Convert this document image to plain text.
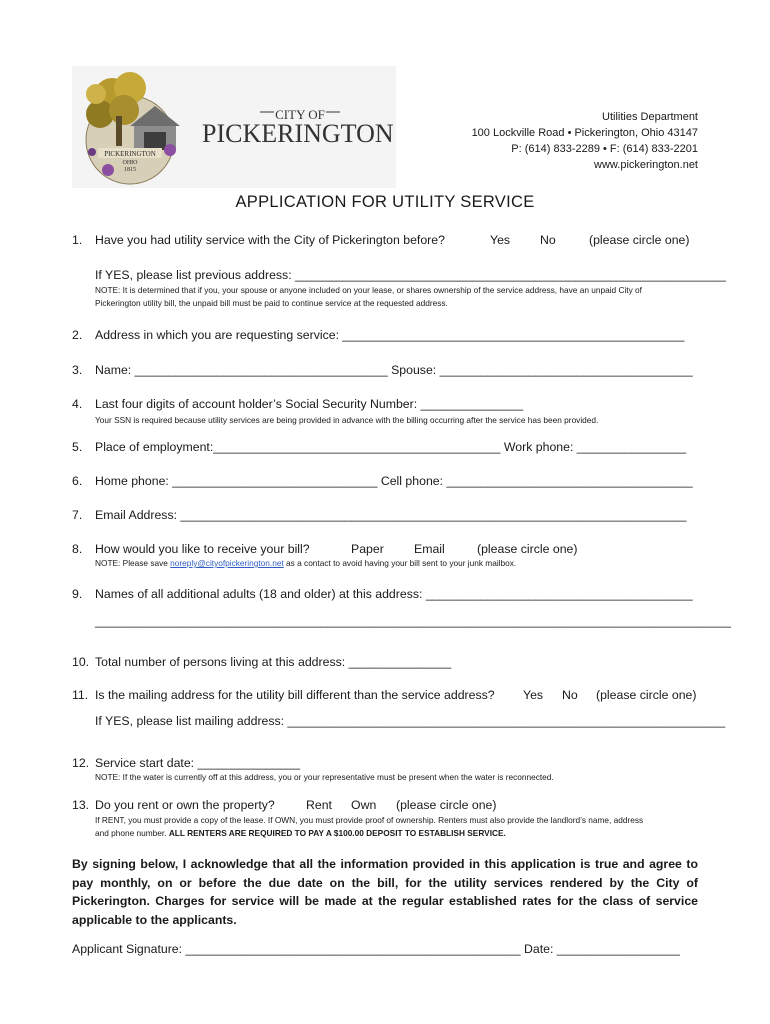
PICKERINGTON
OHIO
1815
CITY OF
PICKERINGTON
Utilities Department
100 Lockville Road • Pickerington, Ohio 43147
P: (614) 833-2289 • F: (614) 833-2201
www.pickerington.net
APPLICATION FOR UTILITY SERVICE
1. Have you had utility service with the City of Pickerington before?	Yes No	(please circle one)
If YES, please list previous address: _______________________________________________________________
NOTE: It is determined that if you, your spouse or anyone included on your lease, or shares ownership of the service address, have an unpaid City of
Pickerington utility bill, the unpaid bill must be paid to continue service at the requested address.
2. Address in which you are requesting service: __________________________________________________
3. Name: _____________________________________ Spouse: _____________________________________
4. Last four digits of account holder’s Social Security Number: _______________
Your SSN is required because utility services are being provided in advance with the billing occurring after the service has been provided.
5. Place of employment:__________________________________________ Work phone: ________________
6. Home phone: ______________________________ Cell phone: ____________________________________
7. Email Address: __________________________________________________________________________
8. How would you like to receive your bill?	Paper Email	(please circle one)
NOTE: Please save noreply@cityofpickerington.net as a contact to avoid having your bill sent to your junk mailbox.
9. Names of all additional adults (18 and older) at this address: _______________________________________
_____________________________________________________________________________________________
10. Total number of persons living at this address: _______________
11. Is the mailing address for the utility bill different than the service address? Yes No (please circle one)
If YES, please list mailing address: ________________________________________________________________
12. Service start date: _______________
NOTE: If the water is currently off at this address, you or your representative must be present when the water is reconnected.
13. Do you rent or own the property?	Rent Own (please circle one)
If RENT, you must provide a copy of the lease. If OWN, you must provide proof of ownership. Renters must also provide the landlord’s name, address
and phone number. ALL RENTERS ARE REQUIRED TO PAY A $100.00 DEPOSIT TO ESTABLISH SERVICE.
By signing below, I acknowledge that all the information provided in this application is true and agree to pay monthly, on or before the due date on the bill, for the utility services rendered by the City of Pickerington. Charges for service will be made at the regular established rates for the class of service applicable to the applicants.
Applicant Signature: _________________________________________________ Date: __________________
